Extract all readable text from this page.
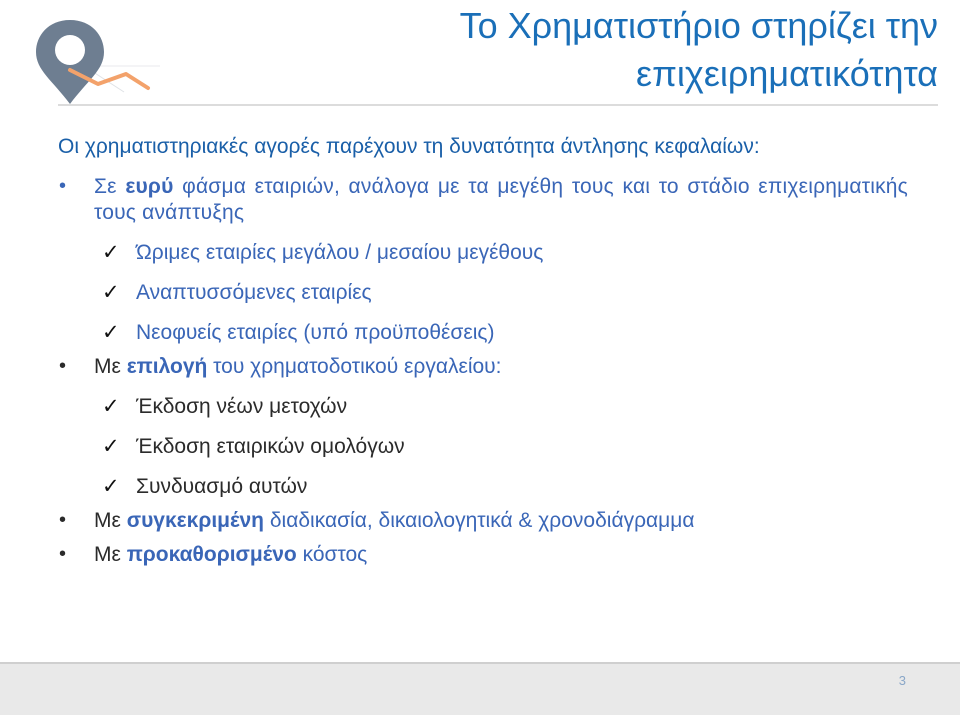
Το Χρηματιστήριο στηρίζει την
επιχειρηματικότητα
Οι χρηματιστηριακές αγορές παρέχουν τη δυνατότητα άντλησης κεφαλαίων:
• Σε ευρύ φάσμα εταιριών, ανάλογα με τα μεγέθη τους και το στάδιο επιχειρηματικής τους ανάπτυξης
✓ Ώριμες εταιρίες μεγάλου / μεσαίου μεγέθους
✓ Αναπτυσσόμενες εταιρίες
✓ Νεοφυείς εταιρίες (υπό προϋποθέσεις)
• Με επιλογή του χρηματοδοτικού εργαλείου:
✓ Έκδοση νέων μετοχών
✓ Έκδοση εταιρικών ομολόγων
✓ Συνδυασμό αυτών
• Με συγκεκριμένη διαδικασία, δικαιολογητικά & χρονοδιάγραμμα
• Με προκαθορισμένο κόστος
3
